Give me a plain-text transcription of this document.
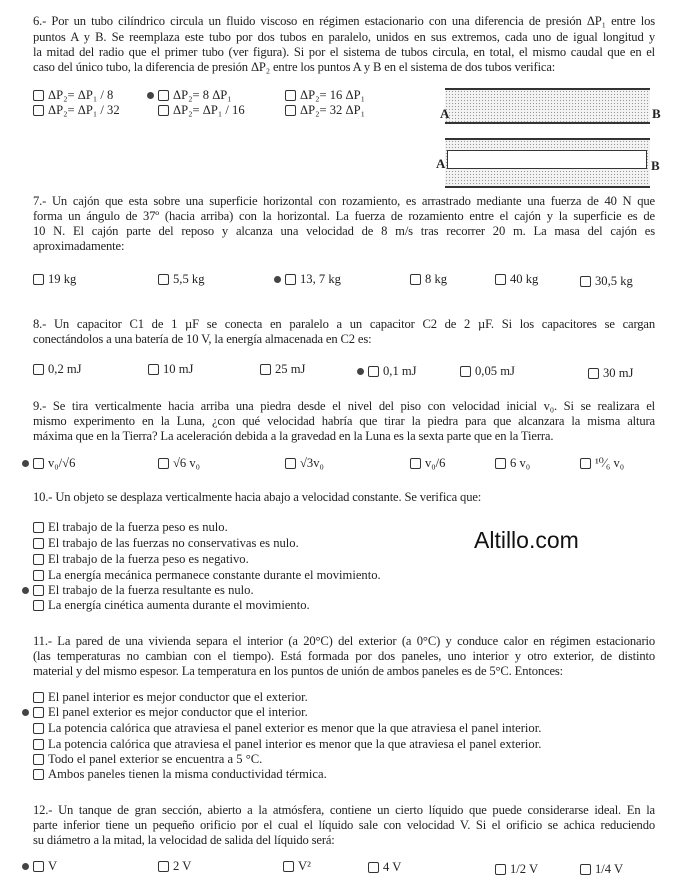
6.- Por un tubo cilíndrico circula un fluido viscoso en régimen estacionario con una diferencia de presión ΔP₁ entre los
puntos A y B. Se reemplaza este tubo por dos tubos en paralelo, unidos en sus extremos, cada uno de igual longitud y
la mitad del radio que el primer tubo (ver figura). Si por el sistema de tubos circula, en total, el mismo caudal que en el
caso del único tubo, la diferencia de presión ΔP₂ entre los puntos A y B en el sistema de dos tubos verifica:
ΔP₂= ΔP₁ / 8	ΔP₂= 8 ΔP₁	ΔP₂= 16 ΔP₁
ΔP₂= ΔP₁ / 32	ΔP₂= ΔP₁ / 16	ΔP₂= 32 ΔP₁
7.- Un cajón que esta sobre una superficie horizontal con rozamiento, es arrastrado mediante una fuerza de 40 N que
forma un ángulo de 37º (hacia arriba) con la horizontal. La fuerza de rozamiento entre el cajón y la superficie es de
10 N. El cajón parte del reposo y alcanza una velocidad de 8 m/s tras recorrer 20 m. La masa del cajón es
aproximadamente:
19 kg	5,5 kg	13, 7 kg	8 kg	40 kg	30,5 kg
8.- Un capacitor C1 de 1 µF se conecta en paralelo a un capacitor C2 de 2 µF. Si los capacitores se cargan
conectándolos a una batería de 10 V, la energía almacenada en C2 es:
0,2 mJ	10 mJ	25 mJ	0,1 mJ	0,05 mJ	30 mJ
9.- Se tira verticalmente hacia arriba una piedra desde el nivel del piso con velocidad inicial v₀. Si se realizara el
mismo experimento en la Luna, ¿con qué velocidad habría que tirar la piedra para que alcanzara la misma altura
máxima que en la Tierra? La aceleración debida a la gravedad en la Luna es la sexta parte que en la Tierra.
v₀/√6	√6 v₀	√3v₀	v₀/6	6 v₀	¹⁰⁄₆ v₀
10.- Un objeto se desplaza verticalmente hacia abajo a velocidad constante. Se verifica que:
El trabajo de la fuerza peso es nulo.
El trabajo de las fuerzas no conservativas es nulo.
El trabajo de la fuerza peso es negativo.
La energía mecánica permanece constante durante el movimiento.
El trabajo de la fuerza resultante es nulo.
La energía cinética aumenta durante el movimiento.
11.- La pared de una vivienda separa el interior (a 20°C) del exterior (a 0°C) y conduce calor en régimen estacionario
(las temperaturas no cambian con el tiempo). Está formada por dos paneles, uno interior y otro exterior, de distinto
material y del mismo espesor. La temperatura en los puntos de unión de ambos paneles es de 5°C. Entonces:
El panel interior es mejor conductor que el exterior.
El panel exterior es mejor conductor que el interior.
La potencia calórica que atraviesa el panel exterior es menor que la que atraviesa el panel interior.
La potencia calórica que atraviesa el panel interior es menor que la que atraviesa el panel exterior.
Todo el panel exterior se encuentra a 5 °C.
Ambos paneles tienen la misma conductividad térmica.
12.- Un tanque de gran sección, abierto a la atmósfera, contiene un cierto líquido que puede considerarse ideal. En la
parte inferior tiene un pequeño orificio por el cual el líquido sale con velocidad V. Si el orificio se achica reduciendo
su diámetro a la mitad, la velocidad de salida del líquido será:
V	2 V	V²	4 V	1/2 V	1/4 V
Altillo.com
A	B
A	B
